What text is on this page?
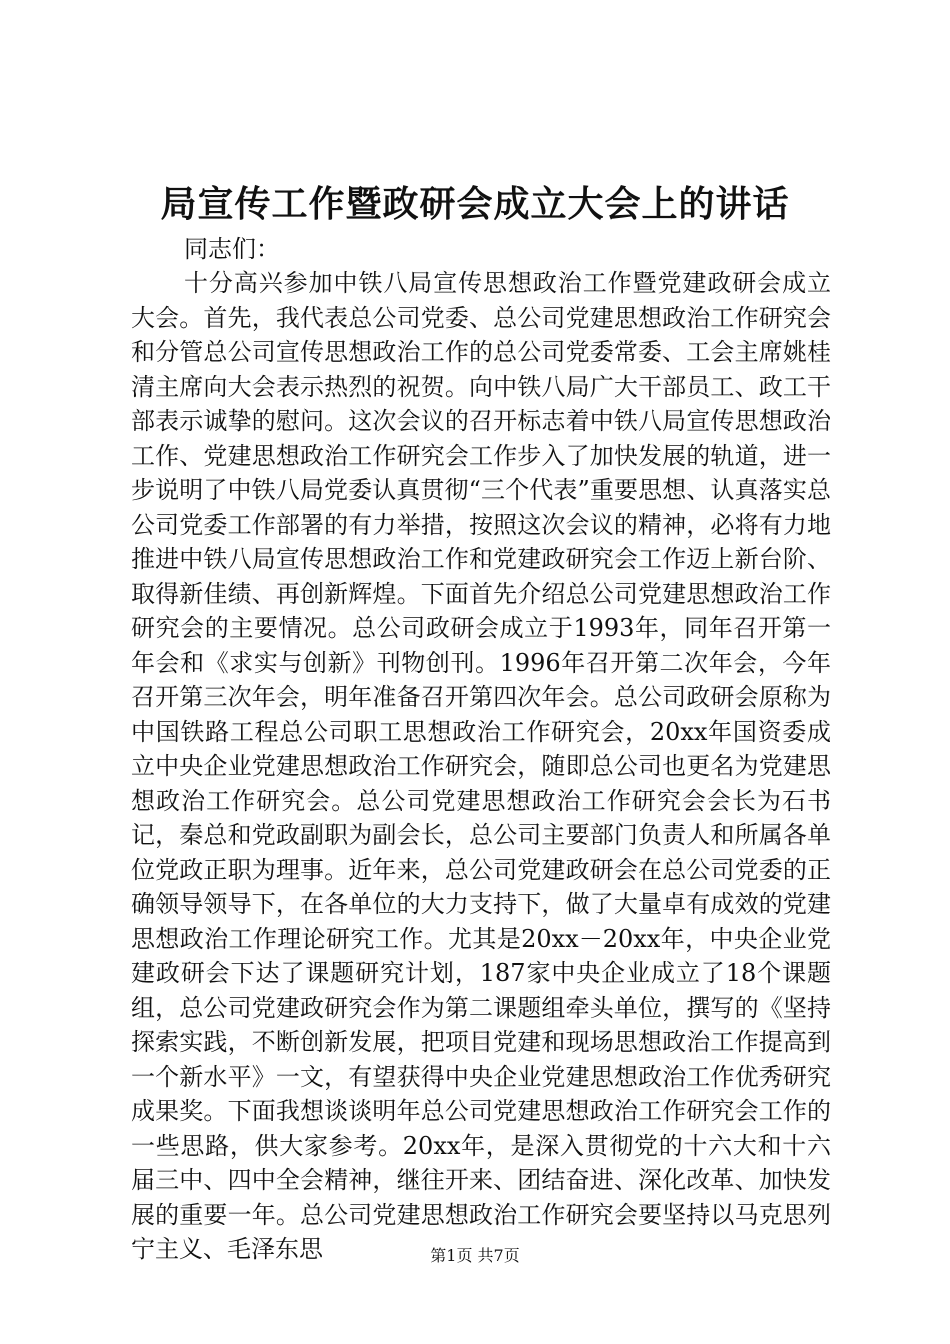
局宣传工作暨政研会成立大会上的讲话

同志们：

十分高兴参加中铁八局宣传思想政治工作暨党建政研会成立大会。首先，我代表总公司党委、总公司党建思想政治工作研究会和分管总公司宣传思想政治工作的总公司党委常委、工会主席姚桂清主席向大会表示热烈的祝贺。向中铁八局广大干部员工、政工干部表示诚挚的慰问。这次会议的召开标志着中铁八局宣传思想政治工作、党建思想政治工作研究会工作步入了加快发展的轨道，进一步说明了中铁八局党委认真贯彻“三个代表”重要思想、认真落实总公司党委工作部署的有力举措，按照这次会议的精神，必将有力地推进中铁八局宣传思想政治工作和党建政研究会工作迈上新台阶、取得新佳绩、再创新辉煌。下面首先介绍总公司党建思想政治工作研究会的主要情况。总公司政研会成立于1993年，同年召开第一年会和《求实与创新》刊物创刊。1996年召开第二次年会，今年召开第三次年会，明年准备召开第四次年会。总公司政研会原称为中国铁路工程总公司职工思想政治工作研究会，20xx年国资委成立中央企业党建思想政治工作研究会，随即总公司也更名为党建思想政治工作研究会。总公司党建思想政治工作研究会会长为石书记，秦总和党政副职为副会长，总公司主要部门负责人和所属各单位党政正职为理事。近年来，总公司党建政研会在总公司党委的正确领导领导下，在各单位的大力支持下，做了大量卓有成效的党建思想政治工作理论研究工作。尤其是20xx－20xx年，中央企业党建政研会下达了课题研究计划，187家中央企业成立了18个课题组，总公司党建政研究会作为第二课题组牵头单位，撰写的《坚持探索实践，不断创新发展，把项目党建和现场思想政治工作提高到一个新水平》一文，有望获得中央企业党建思想政治工作优秀研究成果奖。下面我想谈谈明年总公司党建思想政治工作研究会工作的一些思路，供大家参考。20xx年，是深入贯彻党的十六大和十六届三中、四中全会精神，继往开来、团结奋进、深化改革、加快发展的重要一年。总公司党建思想政治工作研究会要坚持以马克思列宁主义、毛泽东思	第1页 共7页
